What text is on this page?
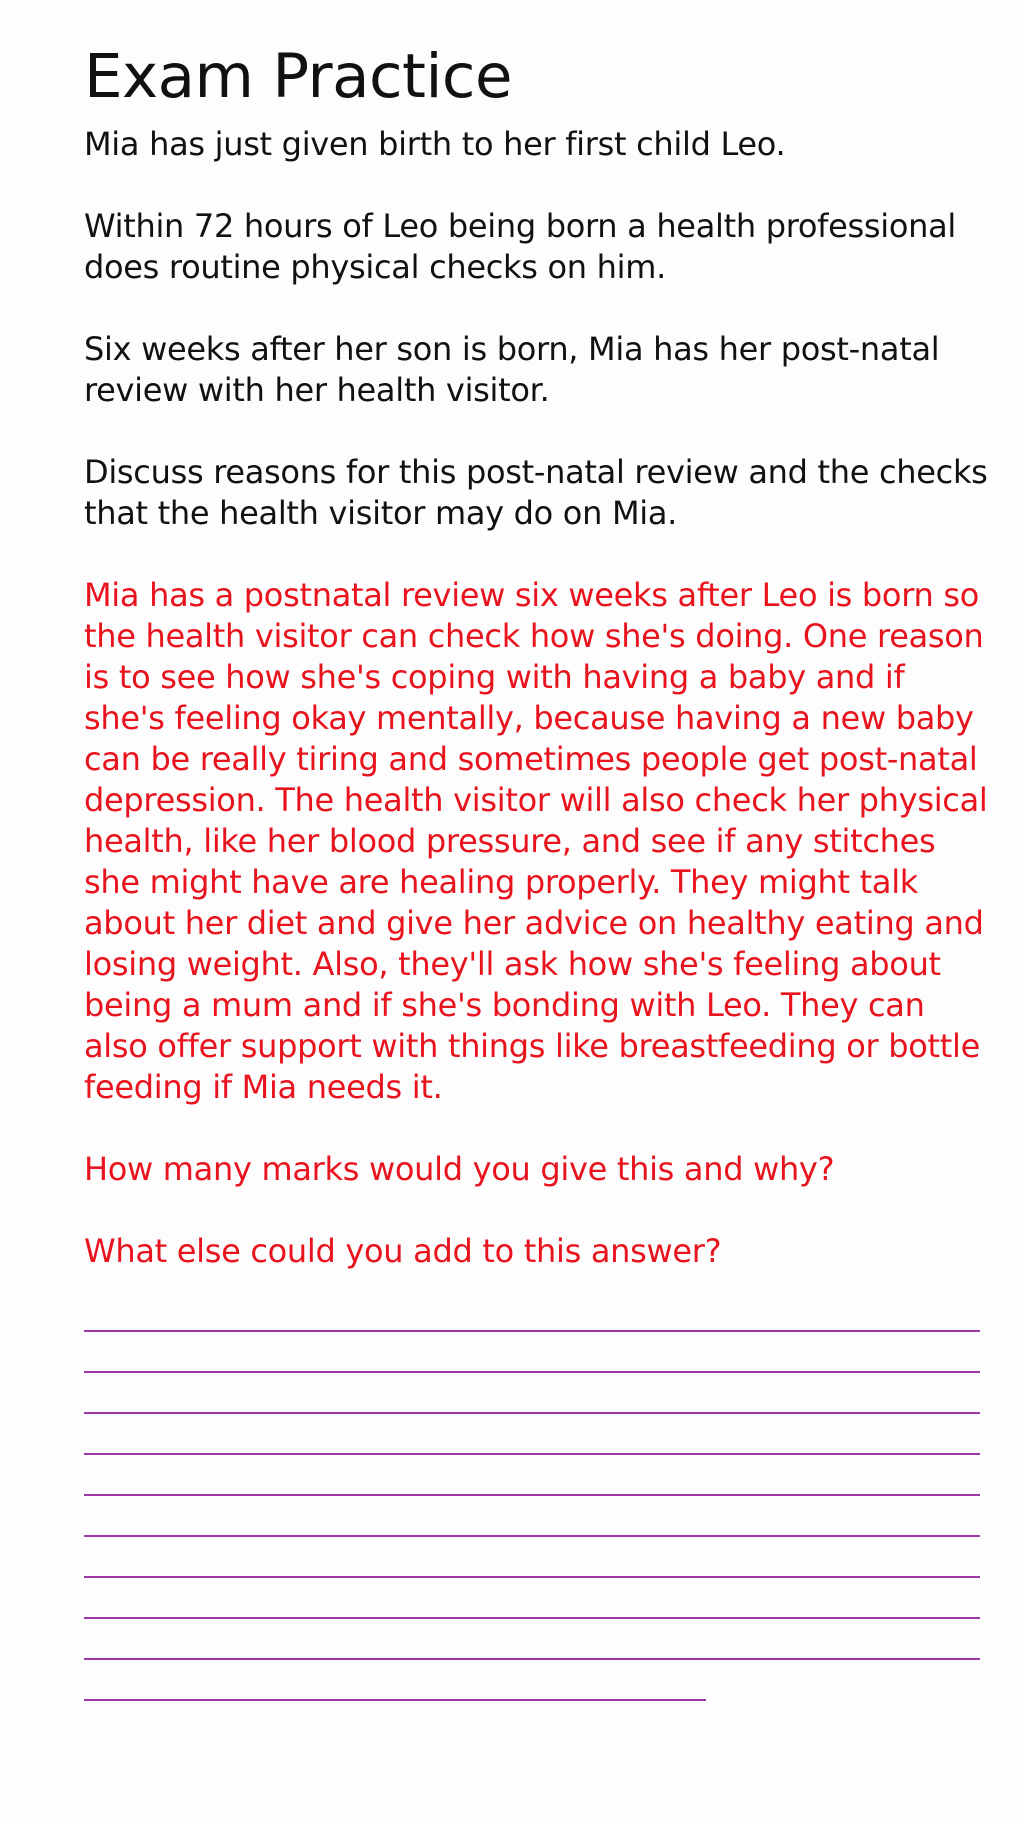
Exam Practice

Mia has just given birth to her first child Leo.

Within 72 hours of Leo being born a health professional does routine physical checks on him.

Six weeks after her son is born, Mia has her post-natal review with her health visitor.

Discuss reasons for this post-natal review and the checks that the health visitor may do on Mia.

Mia has a postnatal review six weeks after Leo is born so the health visitor can check how she's doing. One reason is to see how she's coping with having a baby and if she's feeling okay mentally, because having a new baby can be really tiring and sometimes people get post-natal depression. The health visitor will also check her physical health, like her blood pressure, and see if any stitches she might have are healing properly. They might talk about her diet and give her advice on healthy eating and losing weight. Also, they'll ask how she's feeling about being a mum and if she's bonding with Leo. They can also offer support with things like breastfeeding or bottle feeding if Mia needs it.

How many marks would you give this and why?

What else could you add to this answer?
